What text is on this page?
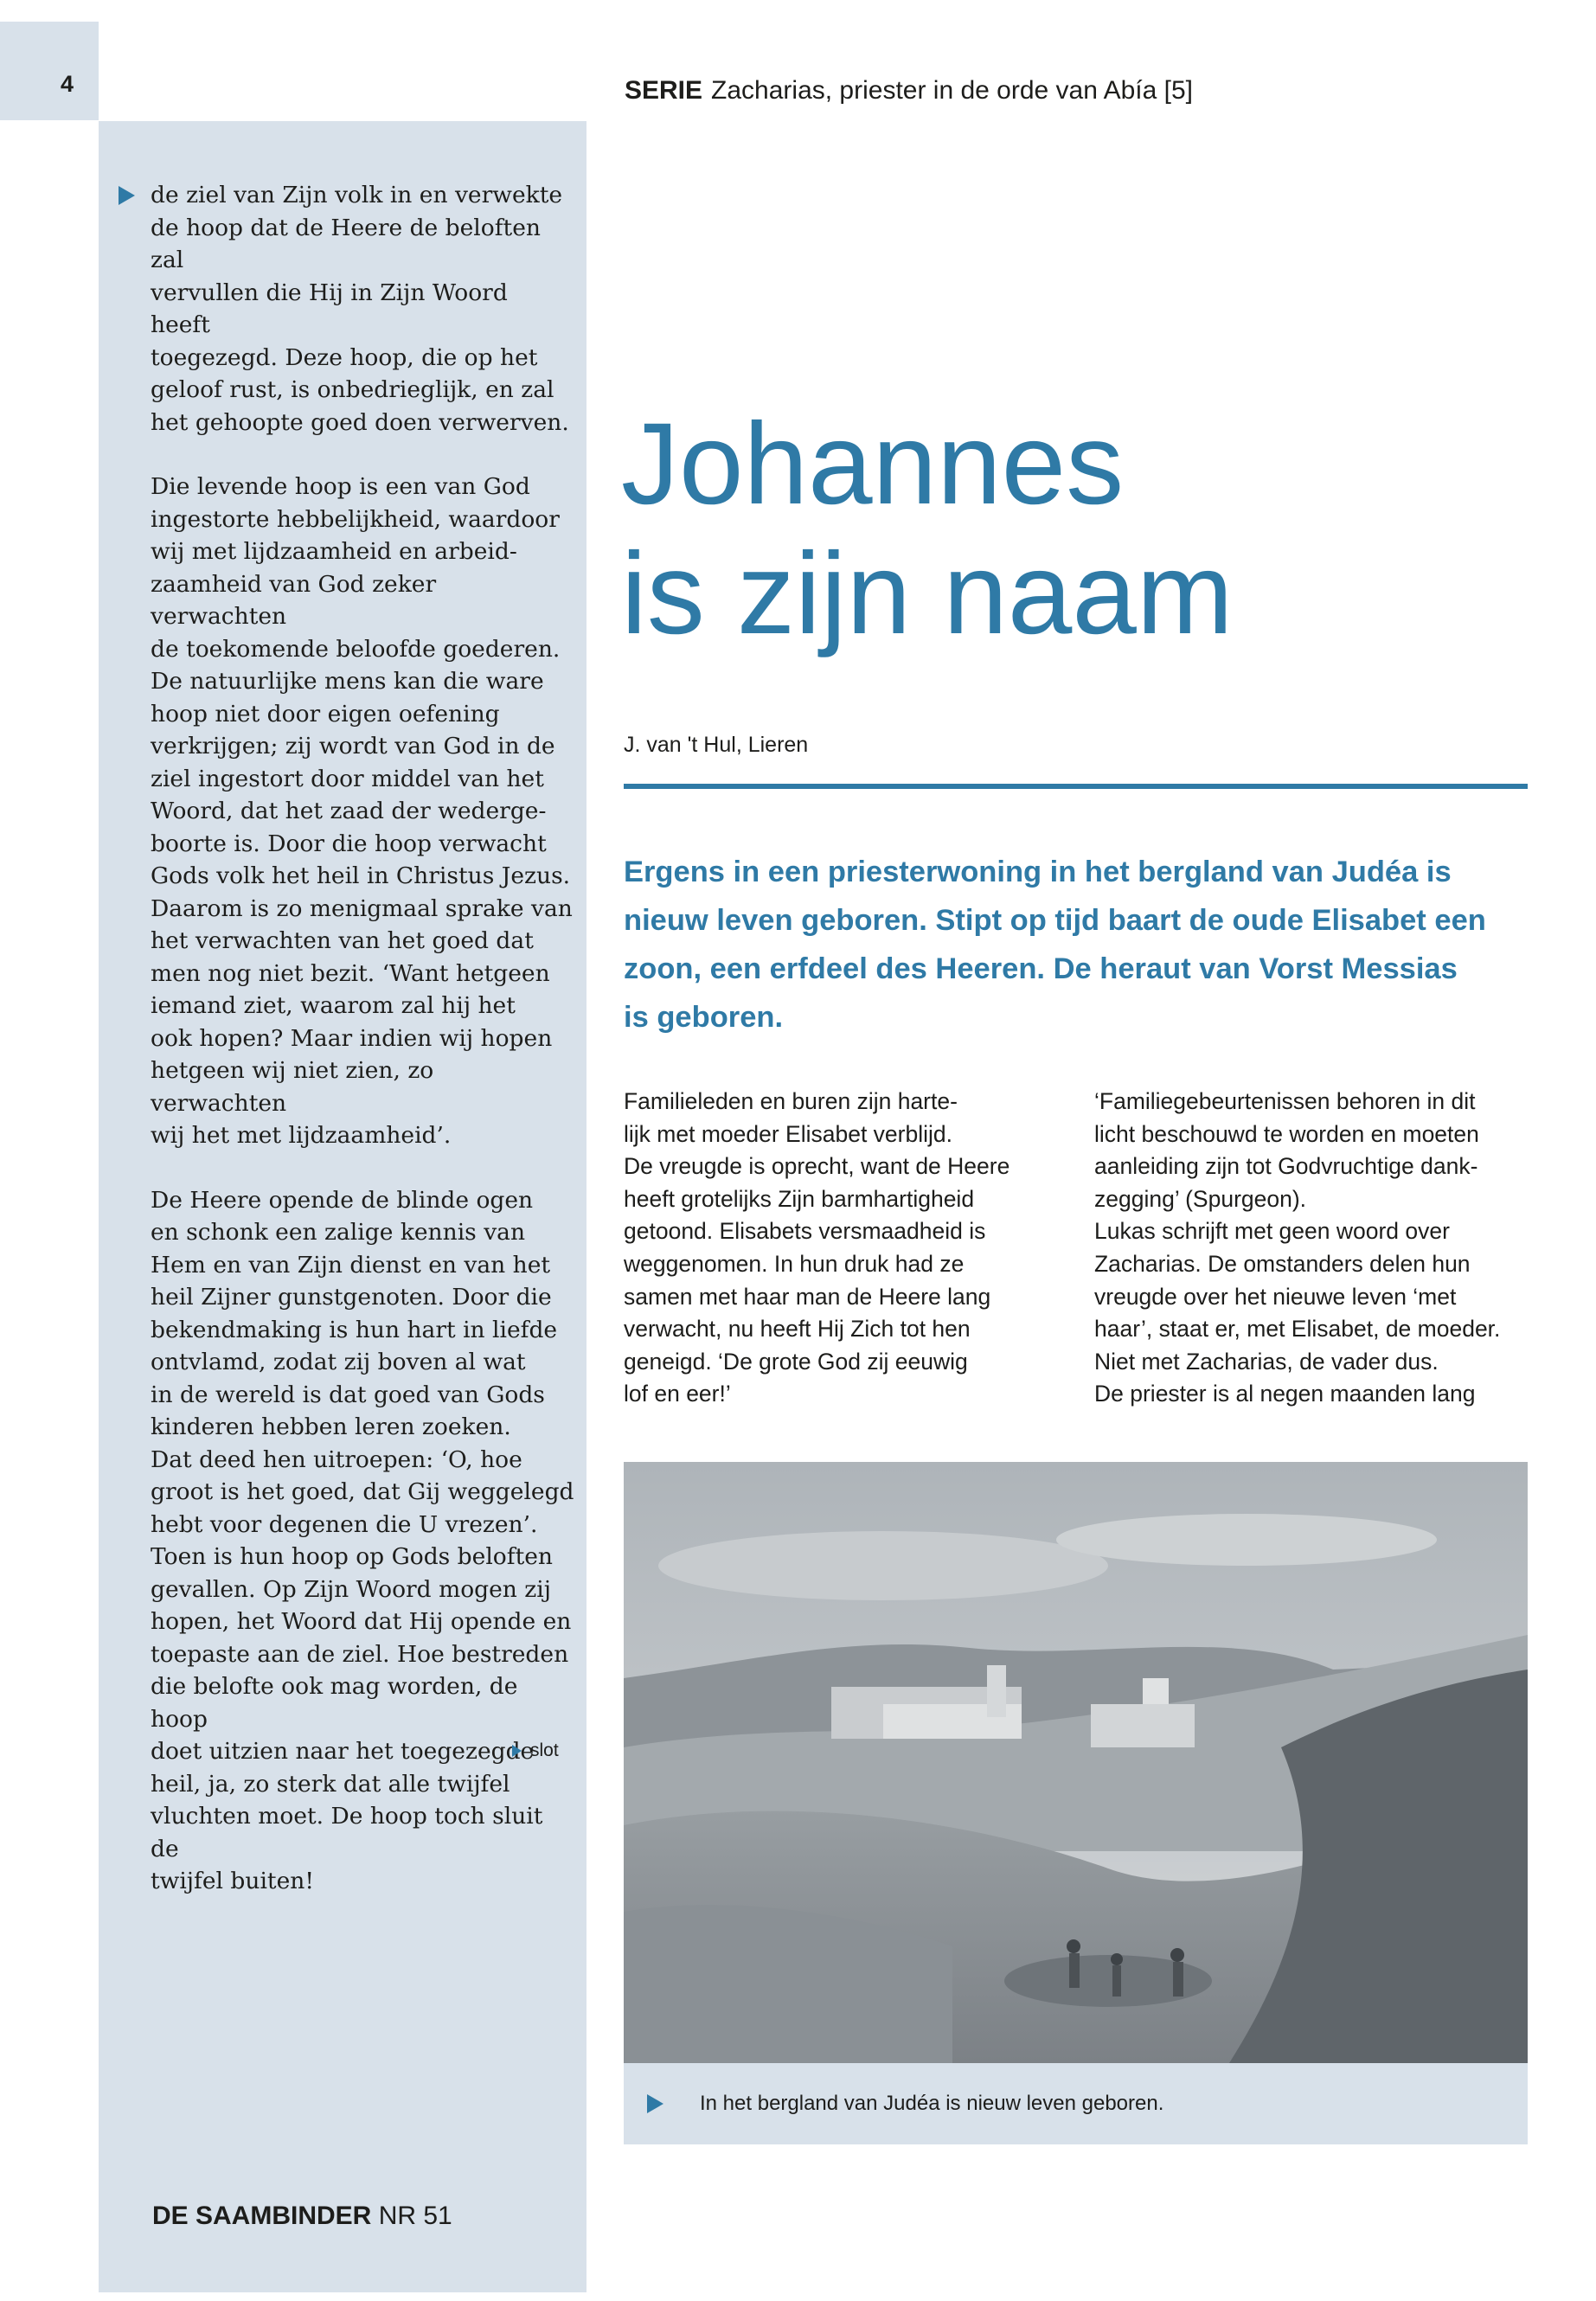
4	SERIE Zacharias, priester in de orde van Abía [5]

de ziel van Zijn volk in en verwekte
de hoop dat de Heere de beloften zal
vervullen die Hij in Zijn Woord heeft
toegezegd. Deze hoop, die op het
geloof rust, is onbedrieglijk, en zal
het gehoopte goed doen verwerven.

Die levende hoop is een van God
ingestorte hebbelijkheid, waardoor
wij met lijdzaamheid en arbeid-
zaamheid van God zeker verwachten
de toekomende beloofde goederen.
De natuurlijke mens kan die ware
hoop niet door eigen oefening
verkrijgen; zij wordt van God in de
ziel ingestort door middel van het
Woord, dat het zaad der wederge-
boorte is. Door die hoop verwacht
Gods volk het heil in Christus Jezus.
Daarom is zo menigmaal sprake van
het verwachten van het goed dat
men nog niet bezit. ‘Want hetgeen
iemand ziet, waarom zal hij het
ook hopen? Maar indien wij hopen
hetgeen wij niet zien, zo verwachten
wij het met lijdzaamheid’.

De Heere opende de blinde ogen
en schonk een zalige kennis van
Hem en van Zijn dienst en van het
heil Zijner gunstgenoten. Door die
bekendmaking is hun hart in liefde
ontvlamd, zodat zij boven al wat
in de wereld is dat goed van Gods
kinderen hebben leren zoeken.
Dat deed hen uitroepen: ‘O, hoe
groot is het goed, dat Gij weggelegd
hebt voor degenen die U vrezen’.
Toen is hun hoop op Gods beloften
gevallen. Op Zijn Woord mogen zij
hopen, het Woord dat Hij opende en
toepaste aan de ziel. Hoe bestreden
die belofte ook mag worden, de hoop
doet uitzien naar het toegezegde
heil, ja, zo sterk dat alle twijfel
vluchten moet. De hoop toch sluit de
twijfel buiten!

slot
DE SAAMBINDER NR 51
Johannes
is zijn naam
J. van 't Hul, Lieren
Ergens in een priesterwoning in het bergland van Judéa is
nieuw leven geboren. Stipt op tijd baart de oude Elisabet een
zoon, een erfdeel des Heeren. De heraut van Vorst Messias
is geboren.
Familieleden en buren zijn harte-
lijk met moeder Elisabet verblijd.
De vreugde is oprecht, want de Heere
heeft grotelijks Zijn barmhartigheid
getoond. Elisabets versmaadheid is
weggenomen. In hun druk had ze
samen met haar man de Heere lang
verwacht, nu heeft Hij Zich tot hen
geneigd. ‘De grote God zij eeuwig
lof en eer!’
‘Familiegebeurtenissen behoren in dit
licht beschouwd te worden en moeten
aanleiding zijn tot Godvruchtige dank-
zegging’ (Spurgeon).
Lukas schrijft met geen woord over
Zacharias. De omstanders delen hun
vreugde over het nieuwe leven ‘met
haar’, staat er, met Elisabet, de moeder.
Niet met Zacharias, de vader dus.
De priester is al negen maanden lang
In het bergland van Judéa is nieuw leven geboren.
